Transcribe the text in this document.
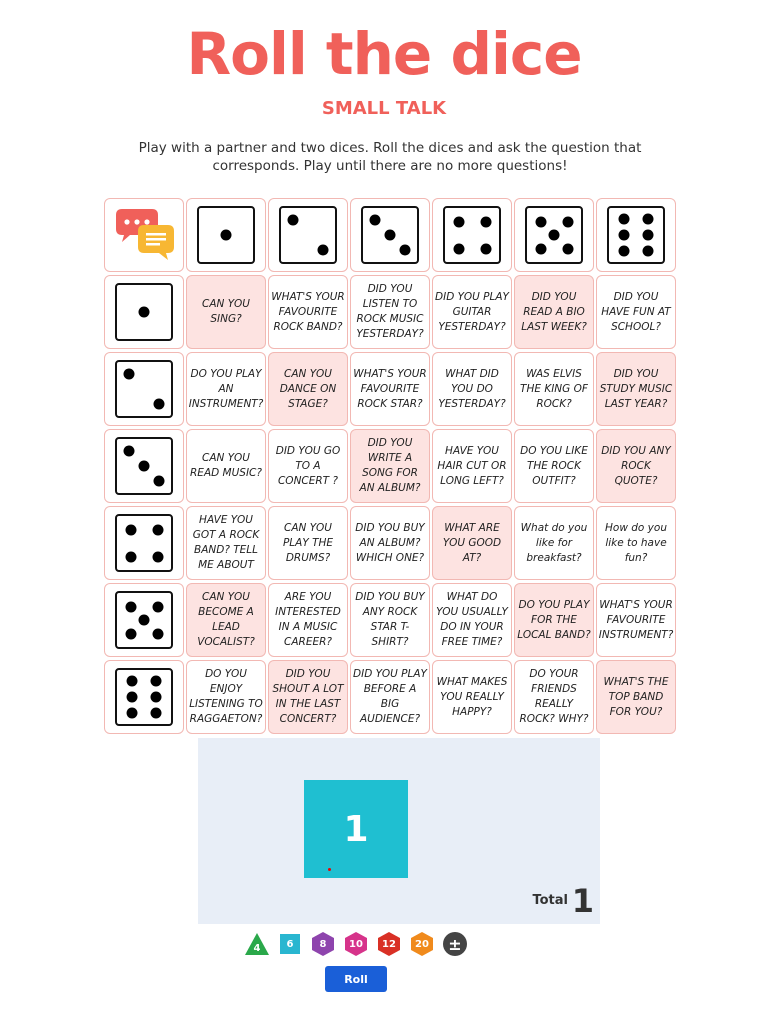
Roll the dice
SMALL TALK
Play with a partner and two dices. Roll the dices and ask the question that corresponds. Play until there are no more questions!
CAN YOU SING?
WHAT'S YOUR FAVOURITE ROCK BAND?
DID YOU LISTEN TO ROCK MUSIC YESTERDAY?
DID YOU PLAY GUITAR YESTERDAY?
DID YOU READ A BIO LAST WEEK?
DID YOU HAVE FUN AT SCHOOL?
DO YOU PLAY AN INSTRUMENT?
CAN YOU DANCE ON STAGE?
WHAT'S YOUR FAVOURITE ROCK STAR?
WHAT DID YOU DO YESTERDAY?
WAS ELVIS THE KING OF ROCK?
DID YOU STUDY MUSIC LAST YEAR?
CAN YOU READ MUSIC?
DID YOU GO TO A CONCERT ?
DID YOU WRITE A SONG FOR AN ALBUM?
HAVE YOU HAIR CUT OR LONG LEFT?
DO YOU LIKE THE ROCK OUTFIT?
DID YOU ANY ROCK QUOTE?
HAVE YOU GOT A ROCK BAND? TELL ME ABOUT
CAN YOU PLAY THE DRUMS?
DID YOU BUY AN ALBUM? WHICH ONE?
WHAT ARE YOU GOOD AT?
What do you like for breakfast?
How do you like to have fun?
CAN YOU BECOME A LEAD VOCALIST?
ARE YOU INTERESTED IN A MUSIC CAREER?
DID YOU BUY ANY ROCK STAR T-SHIRT?
WHAT DO YOU USUALLY DO IN YOUR FREE TIME?
DO YOU PLAY FOR THE LOCAL BAND?
WHAT'S YOUR FAVOURITE INSTRUMENT?
DO YOU ENJOY LISTENING TO RAGGAETON?
DID YOU SHOUT A LOT IN THE LAST CONCERT?
DID YOU PLAY BEFORE A BIG AUDIENCE?
WHAT MAKES YOU REALLY HAPPY?
DO YOUR FRIENDS REALLY ROCK? WHY?
WHAT'S THE TOP BAND FOR YOU?
1
Total 1
4	6	8 10 12 20 ±
Roll
